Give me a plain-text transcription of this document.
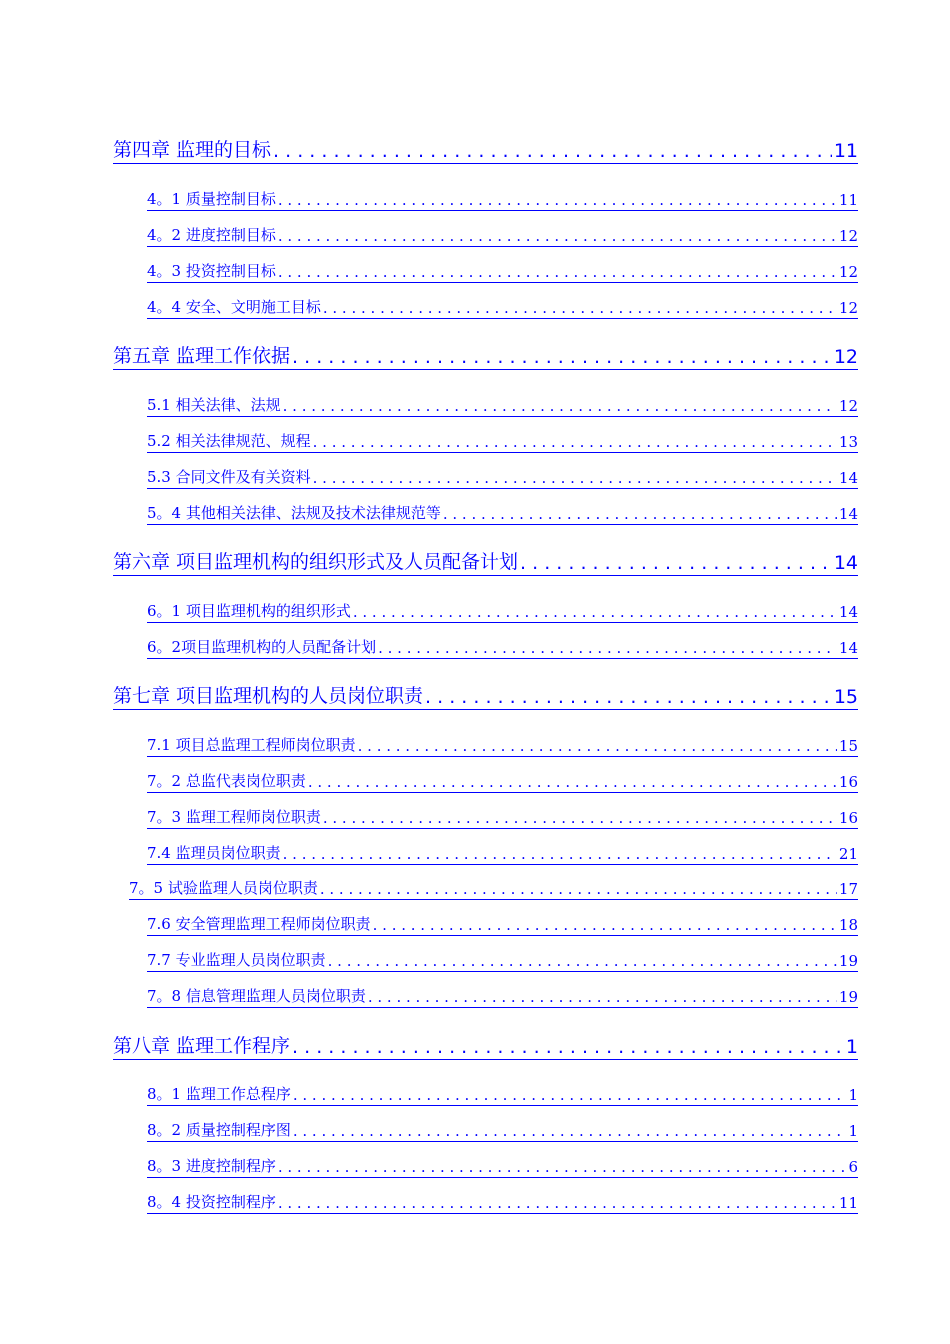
第四章 监理的目标 . . .	11
4。1 质量控制目标 . . .	11
4。2 进度控制目标 . . .	12
4。3 投资控制目标 . . .	12
4。4 安全、文明施工目标 . . .	12
第五章 监理工作依据 . . .	12
5.1 相关法律、法规 . . .	12
5.2 相关法律规范、规程 . . .	13
5.3 合同文件及有关资料 . . .	14
5。4 其他相关法律、法规及技术法律规范等 . . .	14
第六章 项目监理机构的组织形式及人员配备计划 . . .	14
6。1 项目监理机构的组织形式 . . .	14
6。2项目监理机构的人员配备计划 . . .	14
第七章 项目监理机构的人员岗位职责 . . .	15
7.1 项目总监理工程师岗位职责 . . .	15
7。2 总监代表岗位职责 . . .	16
7。3 监理工程师岗位职责 . . .	16
7.4 监理员岗位职责 . . .	21
7。5 试验监理人员岗位职责 . . .	17
7.6 安全管理监理工程师岗位职责 . . .	18
7.7 专业监理人员岗位职责 . . .	19
7。8 信息管理监理人员岗位职责 . . .	19
第八章 监理工作程序 . . .	1
8。1 监理工作总程序 . . .	1
8。2 质量控制程序图 . . .	1
8。3 进度控制程序 . . .	6
8。4 投资控制程序 . . .	11
